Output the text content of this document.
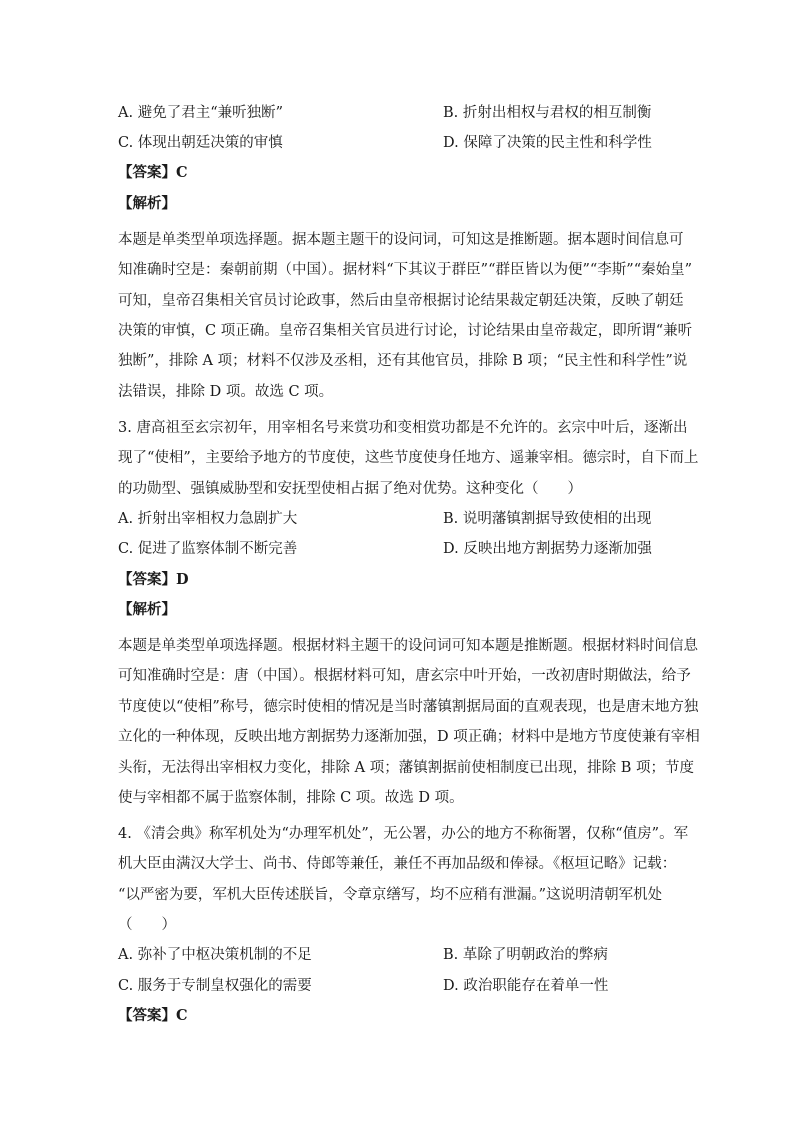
A. 避免了君主“兼听独断”	B. 折射出相权与君权的相互制衡
C. 体现出朝廷决策的审慎	D. 保障了决策的民主性和科学性
【答案】C
【解析】
本题是单类型单项选择题。据本题主题干的设问词，可知这是推断题。据本题时间信息可
知准确时空是：秦朝前期（中国）。据材料“下其议于群臣”“群臣皆以为便”“李斯”“秦始皇”
可知，皇帝召集相关官员讨论政事，然后由皇帝根据讨论结果裁定朝廷决策，反映了朝廷
决策的审慎，C 项正确。皇帝召集相关官员进行讨论，讨论结果由皇帝裁定，即所谓“兼听
独断”，排除 A 项；材料不仅涉及丞相，还有其他官员，排除 B 项；“民主性和科学性”说
法错误，排除 D 项。故选 C 项。
3. 唐高祖至玄宗初年，用宰相名号来赏功和变相赏功都是不允许的。玄宗中叶后，逐渐出
现了“使相”，主要给予地方的节度使，这些节度使身任地方、遥兼宰相。德宗时，自下而上
的功勋型、强镇威胁型和安抚型使相占据了绝对优势。这种变化（　　）
A. 折射出宰相权力急剧扩大	B. 说明藩镇割据导致使相的出现
C. 促进了监察体制不断完善	D. 反映出地方割据势力逐渐加强
【答案】D
【解析】
本题是单类型单项选择题。根据材料主题干的设问词可知本题是推断题。根据材料时间信息
可知准确时空是：唐（中国）。根据材料可知，唐玄宗中叶开始，一改初唐时期做法，给予
节度使以“使相”称号，德宗时使相的情况是当时藩镇割据局面的直观表现，也是唐末地方独
立化的一种体现，反映出地方割据势力逐渐加强，D 项正确；材料中是地方节度使兼有宰相
头衔，无法得出宰相权力变化，排除 A 项；藩镇割据前使相制度已出现，排除 B 项；节度
使与宰相都不属于监察体制，排除 C 项。故选 D 项。
4. 《清会典》称军机处为“办理军机处”，无公署，办公的地方不称衙署，仅称“值房”。军
机大臣由满汉大学士、尚书、侍郎等兼任，兼任不再加品级和俸禄。《枢垣记略》记载：
“以严密为要，军机大臣传述朕旨，令章京缮写，均不应稍有泄漏。”这说明清朝军机处
（　　）
A. 弥补了中枢决策机制的不足	B. 革除了明朝政治的弊病
C. 服务于专制皇权强化的需要	D. 政治职能存在着单一性
【答案】C
